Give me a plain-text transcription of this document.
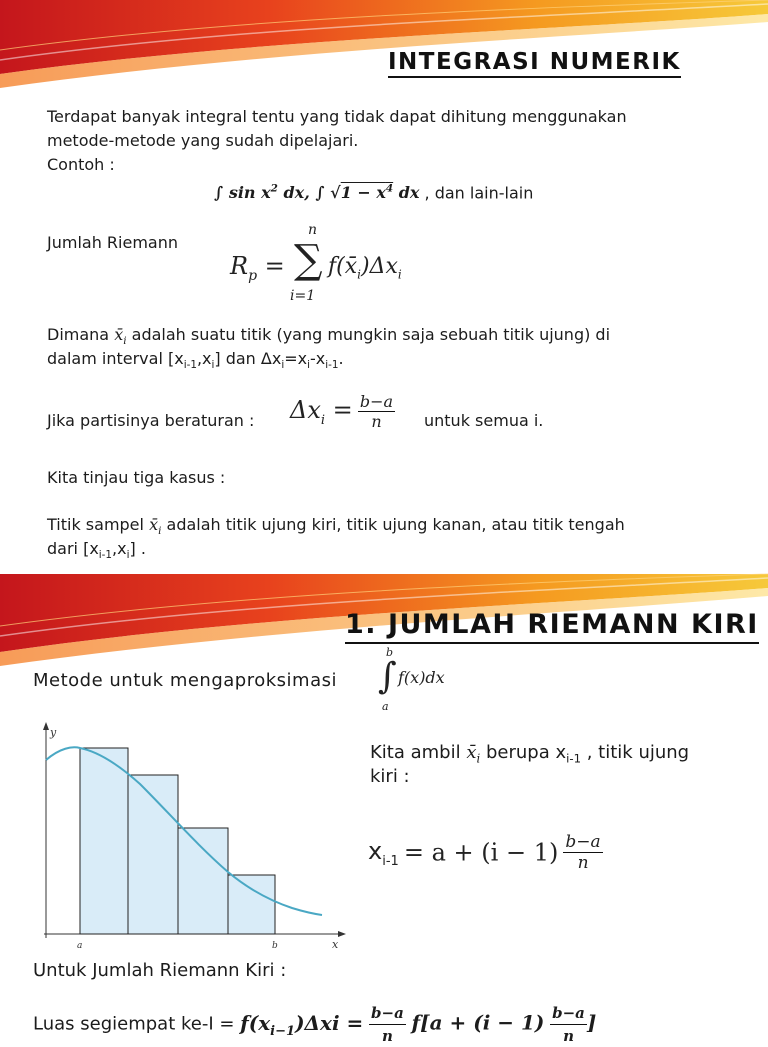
INTEGRASI NUMERIK
Terdapat banyak integral tentu yang tidak dapat dihitung menggunakan
metode-metode yang sudah dipelajari.
Contoh :
∫ $\sin x^2$ dx, ∫ $√1 - x^4$ dx , dan lain-lain
Jumlah Riemann
$R_p$ =
n
∑
i=1
$f(x̄_i)\Delta x_i$
Dimana $x̄_i$ adalah suatu titik (yang mungkin saja sebuah titik ujung) di
dalam interval $[x_{i-1},x_i]$ dan $\Delta x_i=x_i-x_{i-1}$.
Jika partisinya beraturan : $\Delta x_i = \frac{b-a}{n}$ untuk semua i.
Kita tinjau tiga kasus :
Titik sampel $x̄_i$ adalah titik ujung kiri, titik ujung kanan, atau titik tengah
dari $[x_{i-1},x_i]$ .
1. JUMLAH RIEMANN KIRI
Metode untuk mengaproksimasi
b
∫ f(x)dx
a
y
x
a	b
Kita ambil $x̄_i$ berupa $x_{i-1}$ , titik ujung
kiri :
$x_{i-1} = a + (i - 1) \frac{b-a}{n}$
Untuk Jumlah Riemann Kiri :
Luas segiempat $ke-I = f(x_{i-1})\Delta xi = \frac{b-a}{n} f[a + (i - 1) \frac{b-a}{n}$ ]
